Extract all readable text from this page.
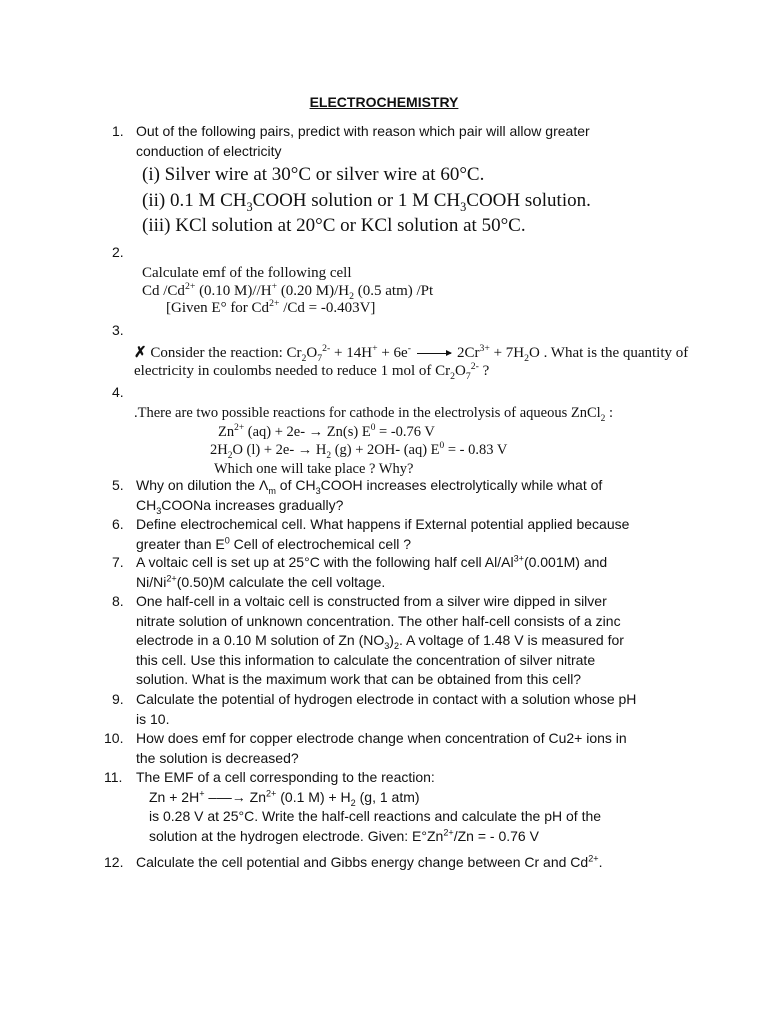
ELECTROCHEMISTRY
1. Out of the following pairs, predict with reason which pair will allow greater
conduction of electricity
(i) Silver wire at 30°C or silver wire at 60°C.
(ii) 0.1 M $CH_3COOH$ solution or 1 M $CH_3COOH$ solution.
(iii) KCl solution at 20°C or KCl solution at 50°C.
2.
Calculate emf of the following cell
Cd $/Cd^{2+}$ (0.10 M)//H+ (0.20 $M)/H_2$ (0.5 atm) /Pt
[Given E° for $Cd^{2+}$ /Cd = -0.403V]
3.
✗ Consider the reaction: $Cr_2O_7^{2-} + 14H^+ + 6e^- \to 2Cr^{3+} + 7H_2O$ . What is the quantity of
electricity in coulombs needed to reduce 1 mol of $Cr_2O_7^{2-}$ ?
4.
.There are two possible reactions for cathode in the electrolysis of aqueous ZnCl$_2$ :
$Zn^{2+}$ (aq) + 2e- → Zn(s) $E^0 = -0.76$ V
$2H_2O$ $(l) + 2e- \to H_2$ (g) + 2OH- (aq) $E^0$ = - 0.83 V
Which one will take place ? Why?
5. Why on dilution the $\Lambda_m$ of $CH_3COOH$ increases electrolytically while what of
$CH_3COONa$ increases gradually?
6. Define electrochemical cell. What happens if External potential applied because
greater than $E^0$ Cell of electrochemical cell ?
7. A voltaic cell is set up at 25°C with the following half cell $Al/Al^{3+}(0.001M)$ and
$Ni/Ni^{2+}(0.50)M$ calculate the cell voltage.
8. One half-cell in a voltaic cell is constructed from a silver wire dipped in silver
nitrate solution of unknown concentration. The other half-cell consists of a zinc
electrode in a 0.10 M solution of Zn $(NO_3)_2$. A voltage of 1.48 V is measured for
this cell. Use this information to calculate the concentration of silver nitrate
solution. What is the maximum work that can be obtained from this cell?
9. Calculate the potential of hydrogen electrode in contact with a solution whose pH
is 10.
10. How does emf for copper electrode change when concentration of Cu2+ ions in
the solution is decreased?
11. The EMF of a cell corresponding to the reaction:
Zn + 2H+ –––→ $Zn^{2+}$ (0.1 $M) + H_2$ (g, 1 atm)
is 0.28 V at 25°C. Write the half-cell reactions and calculate the pH of the
solution at the hydrogen electrode. Given: $E^\circ Zn^{2+}/Zn$ = - 0.76 V
12. Calculate the cell potential and Gibbs energy change between Cr and $Cd^{2+}$.
